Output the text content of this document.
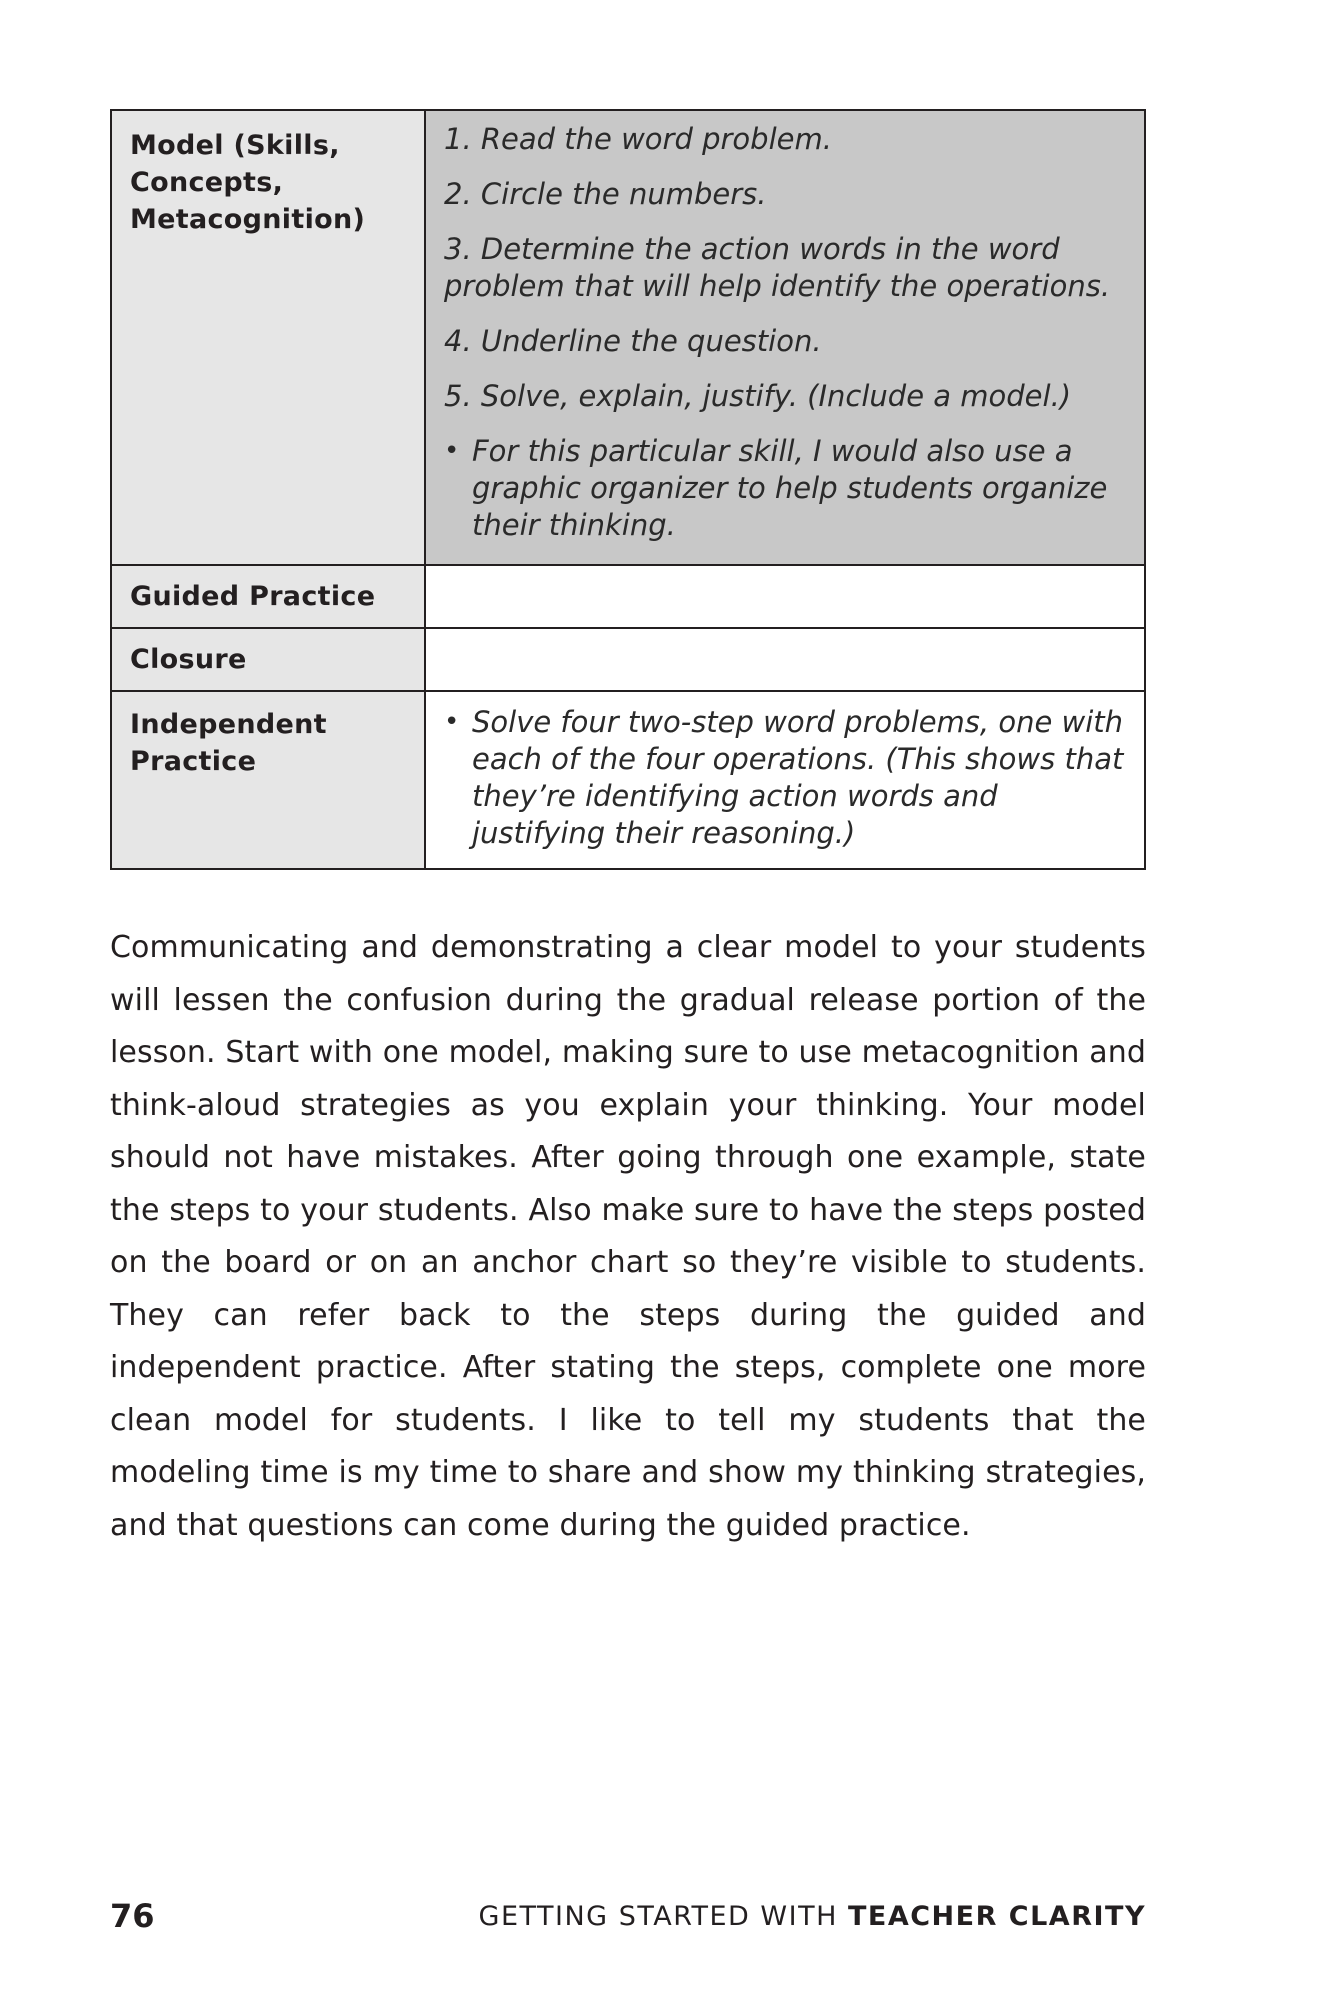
Model (Skills, Concepts, Metacognition)
1. Read the word problem.
2. Circle the numbers.
3. Determine the action words in the word problem that will help identify the operations.
4. Underline the question.
5. Solve, explain, justify. (Include a model.)
• For this particular skill, I would also use a graphic organizer to help students organize their thinking.
Guided Practice
Closure
Independent Practice
• Solve four two-step word problems, one with each of the four operations. (This shows that they’re identifying action words and justifying their reasoning.)

Communicating and demonstrating a clear model to your students will lessen the confusion during the gradual release portion of the lesson. Start with one model, making sure to use metacognition and think-aloud strategies as you explain your thinking. Your model should not have mistakes. After going through one example, state the steps to your students. Also make sure to have the steps posted on the board or on an anchor chart so they’re visible to students. They can refer back to the steps during the guided and independent practice. After stating the steps, complete one more clean model for students. I like to tell my students that the modeling time is my time to share and show my thinking strategies, and that questions can come during the guided practice.

76	GETTING STARTED WITH TEACHER CLARITY
